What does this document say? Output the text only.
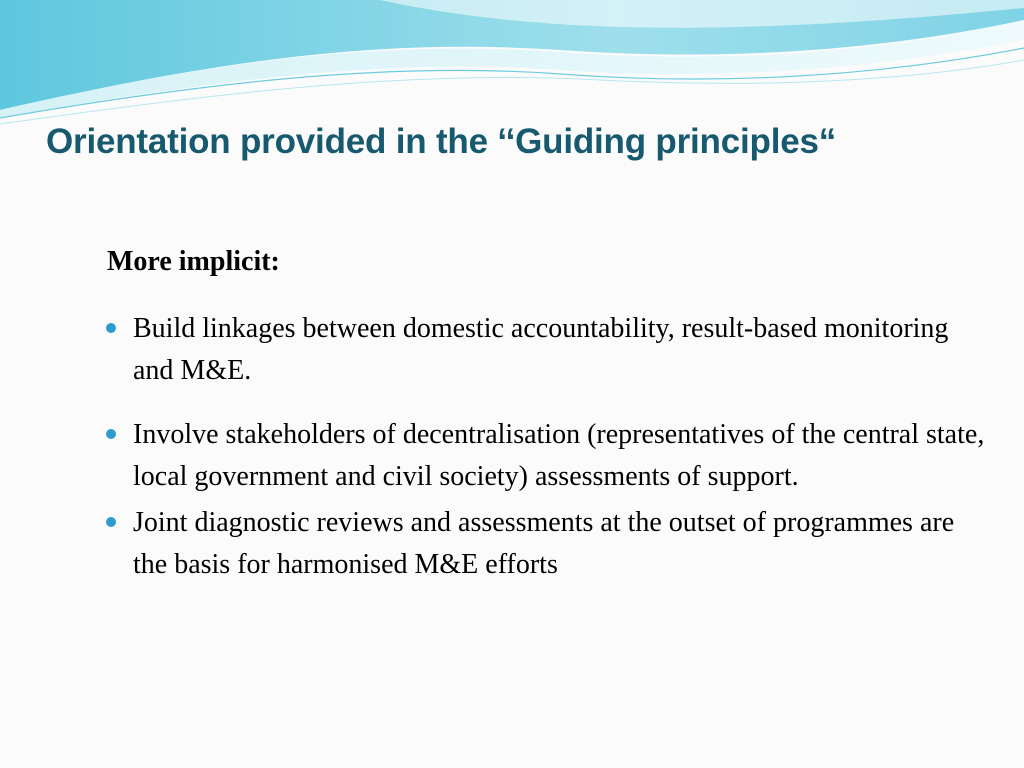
Orientation provided in the ‘‘Guiding principles“
More implicit:
Build linkages between domestic accountability, result-based monitoring and M&E.
Involve stakeholders of decentralisation (representatives of the central state, local government and civil society) assessments of support.
Joint diagnostic reviews and assessments at the outset of programmes are the basis for harmonised M&E efforts
